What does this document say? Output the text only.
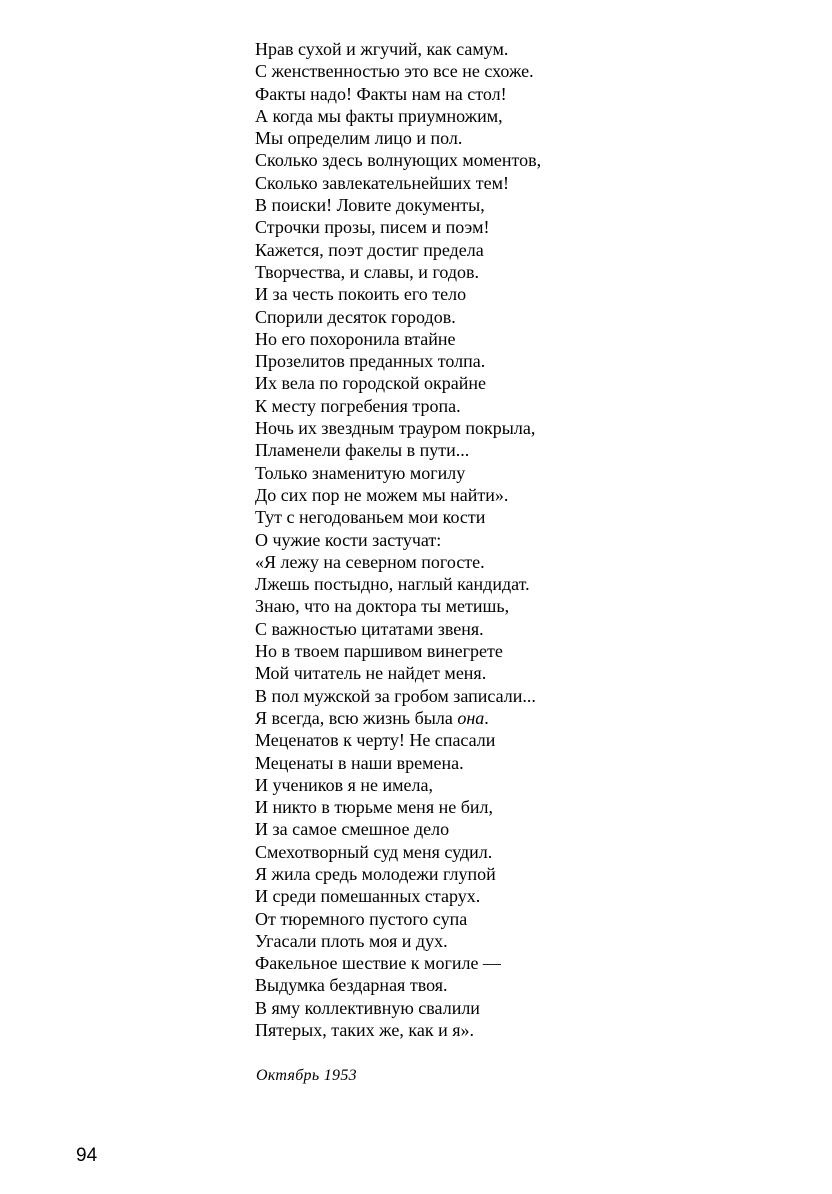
Нрав сухой и жгучий, как самум.
С женственностью это все не схоже.
Факты надо! Факты нам на стол!
А когда мы факты приумножим,
Мы определим лицо и пол.
Сколько здесь волнующих моментов,
Сколько завлекательнейших тем!
В поиски! Ловите документы,
Строчки прозы, писем и поэм!
Кажется, поэт достиг предела
Творчества, и славы, и годов.
И за честь покоить его тело
Спорили десяток городов.
Но его похоронила втайне
Прозелитов преданных толпа.
Их вела по городской окрайне
К месту погребения тропа.
Ночь их звездным трауром покрыла,
Пламенели факелы в пути...
Только знаменитую могилу
До сих пор не можем мы найти».
Тут с негодованьем мои кости
О чужие кости застучат:
«Я лежу на северном погосте.
Лжешь постыдно, наглый кандидат.
Знаю, что на доктора ты метишь,
С важностью цитатами звеня.
Но в твоем паршивом винегрете
Мой читатель не найдет меня.
В пол мужской за гробом записали...
Я всегда, всю жизнь была она.
Меценатов к черту! Не спасали
Меценаты в наши времена.
И учеников я не имела,
И никто в тюрьме меня не бил,
И за самое смешное дело
Смехотворный суд меня судил.
Я жила средь молодежи глупой
И среди помешанных старух.
От тюремного пустого супа
Угасали плоть моя и дух.
Факельное шествие к могиле —
Выдумка бездарная твоя.
В яму коллективную свалили
Пятерых, таких же, как и я».
Октябрь 1953
94
